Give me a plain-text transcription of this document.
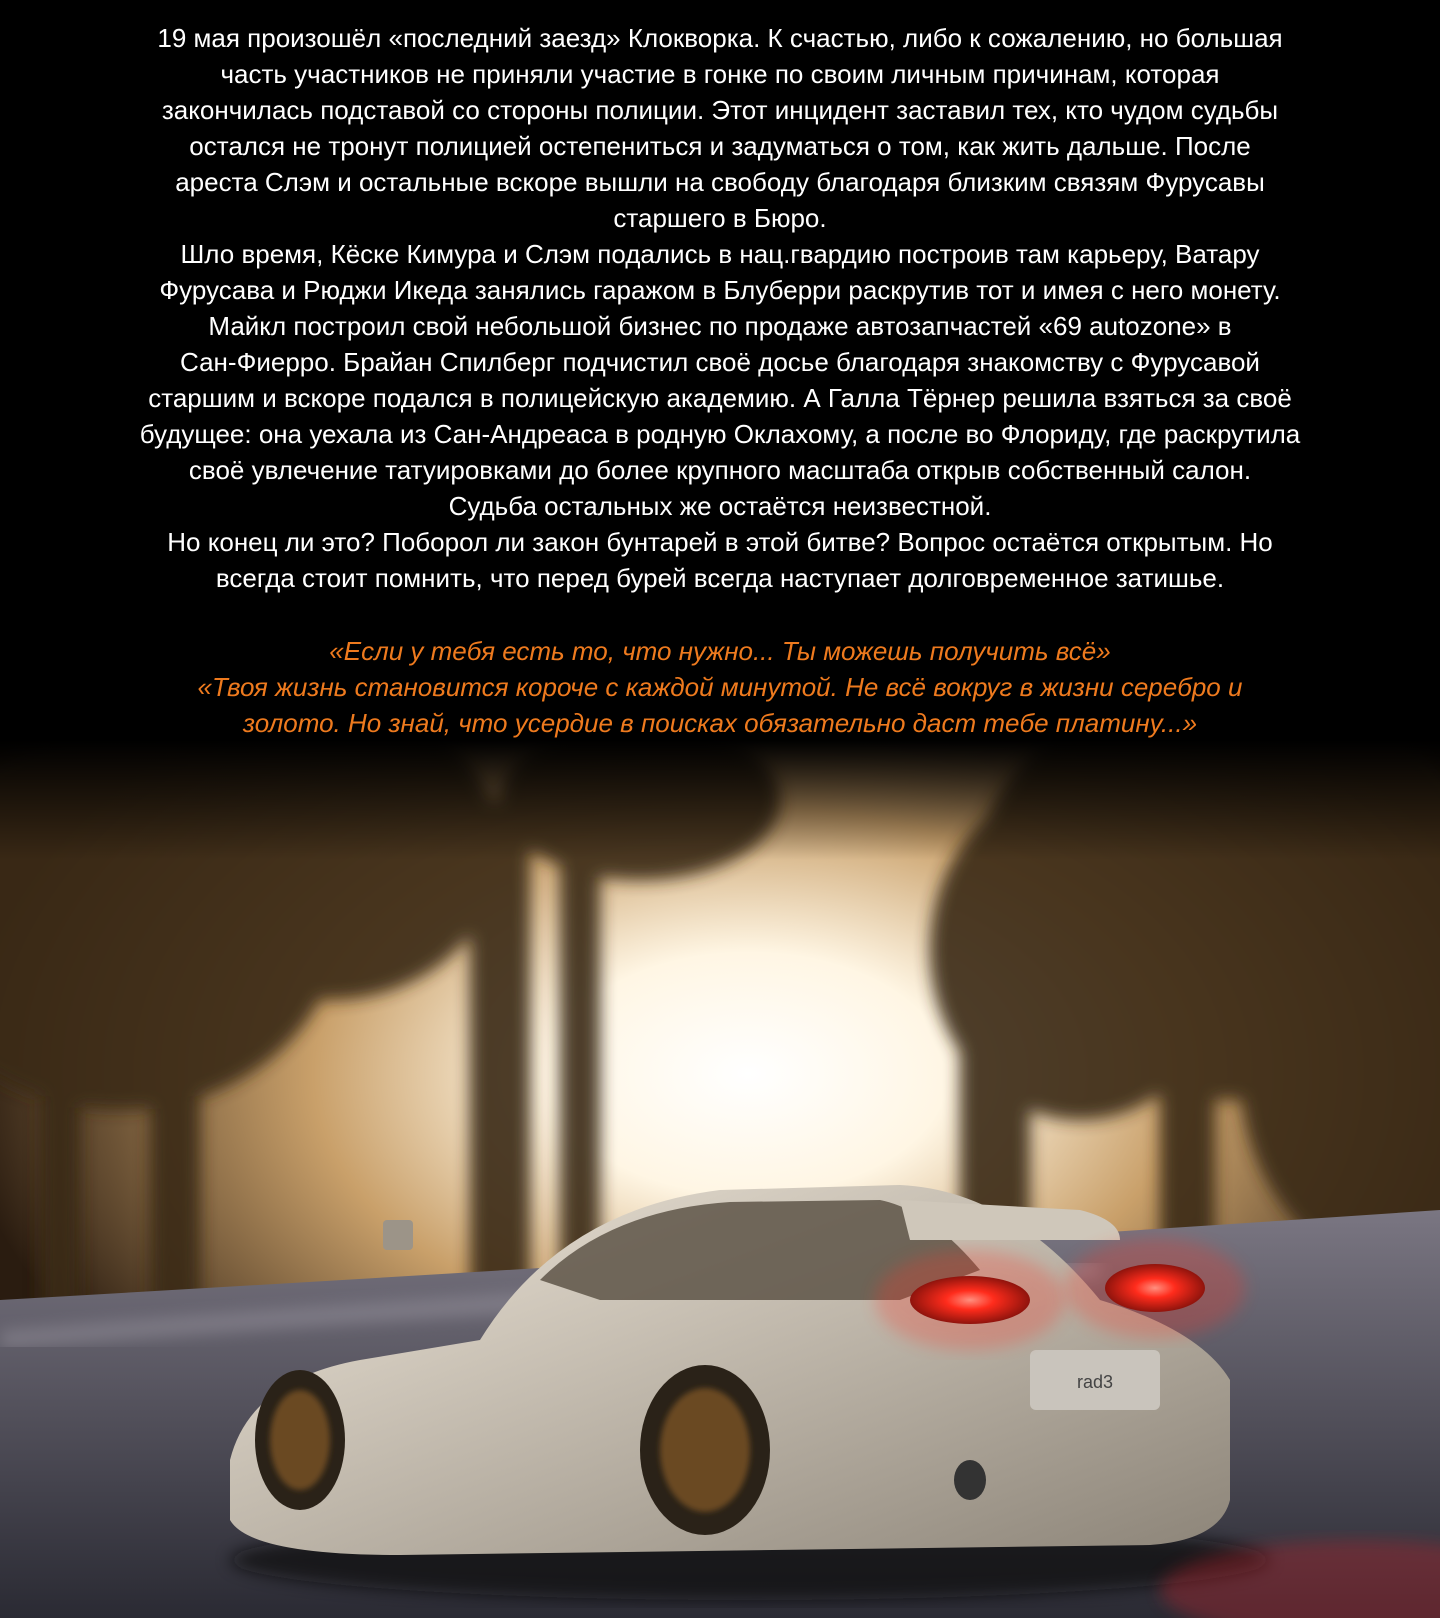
19 мая произошёл «последний заезд» Клокворка. К счастью, либо к сожалению, но большая

часть участников не приняли участие в гонке по своим личным причинам, которая

закончилась подставой со стороны полиции. Этот инцидент заставил тех, кто чудом судьбы

остался не тронут полицией остепениться и задуматься о том, как жить дальше. После

ареста Слэм и остальные вскоре вышли на свободу благодаря близким связям Фурусавы

старшего в Бюро.

Шло время, Кёске Кимура и Слэм подались в нац.гвардию построив там карьеру, Ватару

Фурусава и Рюджи Икеда занялись гаражом в Блуберри раскрутив тот и имея с него монету.

Майкл построил свой небольшой бизнес по продаже автозапчастей «69 autozone» в

Сан-Фиерро. Брайан Спилберг подчистил своё досье благодаря знакомству с Фурусавой

старшим и вскоре подался в полицейскую академию. А Галла Тёрнер решила взяться за своё

будущее: она уехала из Сан-Андреаса в родную Оклахому, а после во Флориду, где раскрутила

своё увлечение татуировками до более крупного масштаба открыв собственный салон.

Судьба остальных же остаётся неизвестной.

Но конец ли это? Поборол ли закон бунтарей в этой битве? Вопрос остаётся открытым. Но

всегда стоит помнить, что перед бурей всегда наступает долговременное затишье.

«Если у тебя есть то, что нужно... Ты можешь получить всё»

«Твоя жизнь становится короче с каждой минутой. Не всё вокруг в жизни серебро и

золото. Но знай, что усердие в поисках обязательно даст тебе платину...»

rad3
